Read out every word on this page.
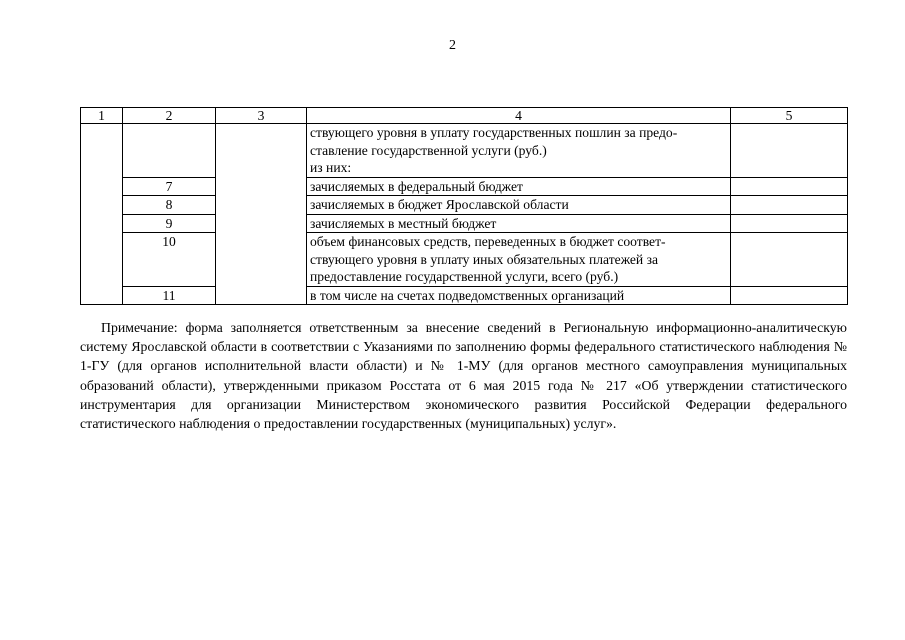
2
1	2	3	4	5

			ствующего уровня в уплату государственных пошлин за предо-
ставление государственной услуги (руб.)
из них:	

	7		зачисляемых в федеральный бюджет	

	8		зачисляемых в бюджет Ярославской области	

	9		зачисляемых в местный бюджет	

	10		объем финансовых средств, переведенных в бюджет соответ-
ствующего уровня в уплату иных обязательных платежей за
предоставление государственной услуги, всего (руб.)	

	11		в том числе на счетах подведомственных организаций	

Примечание: форма заполняется ответственным за внесение сведений в Региональную информационно-аналитическую систему Ярославской области в соответствии с Указаниями по заполнению формы федерального статистического наблюдения № 1-ГУ (для органов исполнительной власти области) и № 1-МУ (для органов местного самоуправления муниципальных образований области), утвержденными приказом Росстата от 6 мая 2015 года № 217 «Об утверждении статистического инструментария для организации Министерством экономического развития Российской Федерации федерального статистического наблюдения о предоставлении государственных (муниципальных) услуг».
